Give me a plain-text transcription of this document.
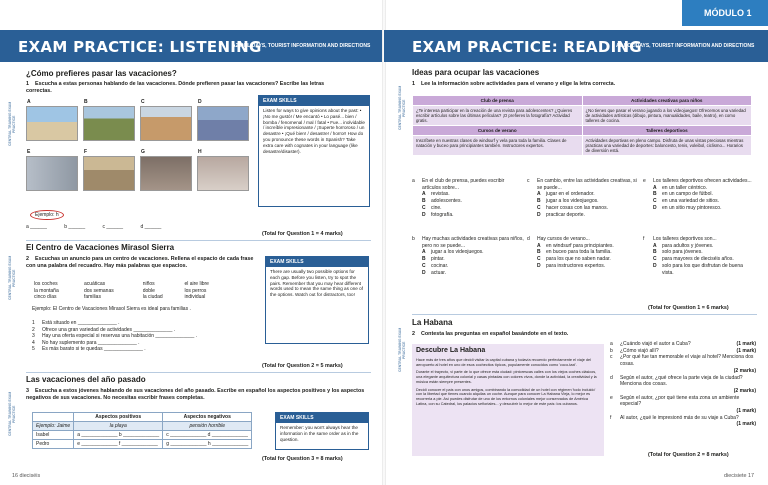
EXAM PRACTICE: LISTENING
A2 HOLIDAYS, TOURIST INFORMATION AND DIRECTIONS
CENTRAL TRAINING EXAM PRACTICE
CENTRAL TRAINING EXAM PRACTICE
CENTRAL TRAINING EXAM PRACTICE
¿Cómo prefieres pasar las vacaciones?
1 Escucha a estas personas hablando de las vacaciones. Dónde prefieren pasar las vacaciones? Escribe las letras correctas.
A	B	C	D
E	F	G	H
Ejemplo: h
a ______	b ______	c ______	d ______
EXAM SKILLS
Listen for ways to give opinions about the past: • ¡No me gustó! / Me encantó • Lo pasé... bien / bomba / fenomenal / mal / fatal • Fue... inolvidable / increíble impresionante / ¡Superte horroroso / un desastre • ¡Qué bien! / desastre! / horror! How do you pronounce these words in Spanish? Take extra care with cognates in your language (like desastre/disaster).
(Total for Question 1 = 4 marks)
El Centro de Vacaciones Mirasol Sierra
2 Escuchas un anuncio para un centro de vacaciones. Rellena el espacio de cada frase con una palabra del recuadro. Hay más palabras que espacios.
los coches	acuáticas	niños	el aire libre
la montaña	dos semanas	doble	los perros
cinco días	familias	la ciudad	individual
Ejemplo: El Centro de Vacaciones Mirasol Sierra es ideal para familias .
1	Está situado en ______________ .
2	Ofrece una gran variedad de actividades ______________ .
3	Hay una oferta especial si reservas una habitación ______________ .
4	No hay suplemento para ______________ .
5	Es más barato si te quedas ______________ .
EXAM SKILLS
There are usually two possible options for each gap. Before you listen, try to spot the pairs. Remember that you may hear different words used to mean the same thing as one of the options. Watch out for distractors, too!
(Total for Question 2 = 5 marks)
Las vacaciones del año pasado
3 Escucha a estos jóvenes hablando de sus vacaciones del año pasado. Escribe en español los aspectos positivos y los aspectos negativos de sus vacaciones. No necesitas escribir frases completas.
	Aspectos positivos	Aspectos negativos
Ejemplo: Jaime	la playa	pensión horrible
Isabel	a _____________ b _____________	c _____________ d _____________
Pedro	e _____________ f _____________	g _____________ h _____________
EXAM SKILLS
Remember: you won't always hear the information in the same order as in the question.
(Total for Question 3 = 8 marks)
16 dieciséis
MÓDULO 1
EXAM PRACTICE: READING
A2 HOLIDAYS, TOURIST INFORMATION AND DIRECTIONS
CENTRAL TRAINING EXAM PRACTICE
CENTRAL TRAINING EXAM PRACTICE
Ideas para ocupar las vacaciones
1 Lee la información sobre actividades para el verano y elige la letra correcta.
Club de prensa	Actividades creativas para niños
¿Te interesa participar en la creación de una revista para adolescentes? ¿Quieres escribir artículos sobre las últimas películas? ¡O prefieres la fotografía? Actividad gratis.	¿No tienes que pasar el verano jugando a los videojuegos! Ofrecemos una variedad de actividades artísticas (dibujo, pintura, manualidades, baile, teatro), en como talleres de cocina.
Cursos de verano	Talleres deportivos
Inscríbete en nuestras clases de windsurf y vela para toda la familia. Clases de natación y buceo para principiantes también. Instructores expertos.	Actividades deportivas en pleno campo. Disfruta de unas vistas preciosas mientras practicas una variedad de deportes: baloncesto, tenis, voleibol, ciclismo... Horarios de diversión está.
a	En el club de prensa, puedes escribir artículos sobre...
A	revistas.
B	adolescentes.
C	cine.
D	fotografía.
b	Hay muchas actividades creativas para niños, pero no se puede...
A	jugar a los videojuegos.
B	pintar.
C	cocinar.
D	actuar.
c	En cambio, entre las actividades creativas, si se puede...
A	jugar en el ordenador.
B	jugar a los videojuegos.
C	hacer cosas con las manos.
D	practicar deporte.
d	Hay cursos de verano...
A	en windsurf para principiantes.
B	en buceo para toda la familia.
C	para los que no saben nadar.
D	para instructores expertos.
e	Los talleres deportivos ofrecen actividades...
A	en un taller céntrico.
B	en un campo de fútbol.
C	en una variedad de sitios.
D	en un sitio muy pintoresco.
f	Los talleres deportivos son...
A	para adultos y jóvenes.
B	solo para jóvenes.
C	para mayores de dieciséis años.
D	solo para los que disfrutan de buena vista.
(Total for Question 1 = 6 marks)
La Habana
2 Contesta las preguntas en español basándote en el texto.
Descubre La Habana
Hace más de tres años que decidí visitar la capital cubana y todavía recuerdo perfectamente el viaje del aeropuerto al hotel en uno de esos cochecitos típicos, populamente conocidos como 'coco-taxi'.
Durante el trayecto, vi parte de lo que ofrece esta ciudad: pintorescas calles con los viejos coches clásicos, una elegante arquitectura colonial y casas pintadas con colores vivos, donde la actividad, la creatividad y la música están siempre presentes.
Decidí conocer el país con unos amigos, combinando la comodidad de un hotel con régimen 'todo incluido' con la libertad que tienes cuando alquilas un coche. Aunque para conocer La Habana Vieja, lo mejor es recorrerla a pie. Así puedes disfrutar de uno de los entornos coloniales mejor conservados de América Latina, con su Catedral, los palacios señoriales... y descubrir lo mejor de este país: los cubanos.
a	¿Cuándo viajó el autor a Cuba?	(1 mark)
b	¿Cómo viajó allí?	(1 mark)
c	¿Por qué fue tan memorable el viaje al hotel? Menciona dos cosas.
(2 marks)
d	Según el autor, ¿qué ofrece la parte vieja de la ciudad? Menciona dos cosas.
(2 marks)
e	Según el autor, ¿por qué tiene esta zona un ambiente especial?
(1 mark)
f	Al autor, ¿qué le impresionó más de su viaje a Cuba?
(1 mark)
(Total for Question 2 = 8 marks)
diecisiete 17
